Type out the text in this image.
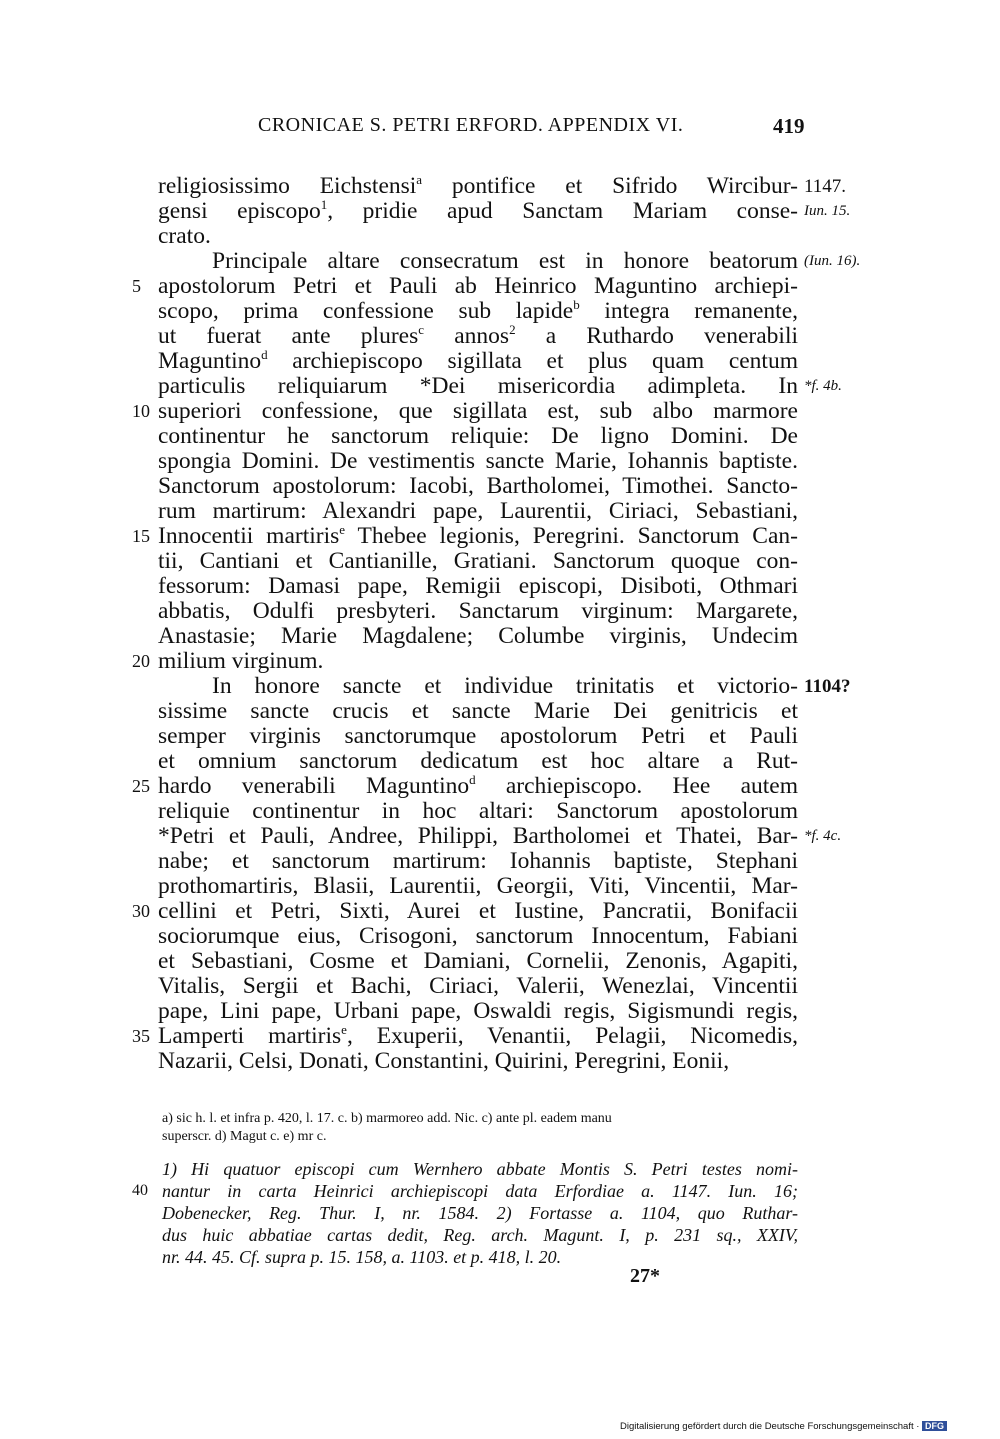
CRONICAE S. PETRI ERFORD. APPENDIX VI.	419
religiosissimo Eichstensi$^a$ pontifice et Sifrido Wircibur-
gensi episcopo$^1$, pridie apud Sanctam Mariam conse-
crato.
Principale altare consecratum est in honore beatorum
apostolorum Petri et Pauli ab Heinrico Maguntino archiepi-
scopo, prima confessione sub lapide$^b$ integra remanente,
ut fuerat ante plures$^c$ annos$^2$ a Ruthardo venerabili
Maguntino$^d$ archiepiscopo sigillata et plus quam centum
particulis reliquiarum *Dei misericordia adimpleta. In
superiori confessione, que sigillata est, sub albo marmore
continentur he sanctorum reliquie: De ligno Domini. De
spongia Domini. De vestimentis sancte Marie, Iohannis baptiste.
Sanctorum apostolorum: Iacobi, Bartholomei, Timothei. Sancto-
rum martirum: Alexandri pape, Laurentii, Ciriaci, Sebastiani,
Innocentii martiris$^e$ Thebee legionis, Peregrini. Sanctorum Can-
tii, Cantiani et Cantianille, Gratiani. Sanctorum quoque con-
fessorum: Damasi pape, Remigii episcopi, Disiboti, Othmari
abbatis, Odulfi presbyteri. Sanctarum virginum: Margarete,
Anastasie; Marie Magdalene; Columbe virginis, Undecim
milium virginum.
In honore sancte et individue trinitatis et victorio-
sissime sancte crucis et sancte Marie Dei genitricis et
semper virginis sanctorumque apostolorum Petri et Pauli
et omnium sanctorum dedicatum est hoc altare a Rut-
hardo venerabili Maguntino$^d$ archiepiscopo. Hee autem
reliquie continentur in hoc altari: Sanctorum apostolorum
*Petri et Pauli, Andree, Philippi, Bartholomei et Thatei, Bar-
nabe; et sanctorum martirum: Iohannis baptiste, Stephani
prothomartiris, Blasii, Laurentii, Georgii, Viti, Vincentii, Mar-
cellini et Petri, Sixti, Aurei et Iustine, Pancratii, Bonifacii
sociorumque eius, Crisogoni, sanctorum Innocentum, Fabiani
et Sebastiani, Cosme et Damiani, Cornelii, Zenonis, Agapiti,
Vitalis, Sergii et Bachi, Ciriaci, Valerii, Wenezlai, Vincentii
pape, Lini pape, Urbani pape, Oswaldi regis, Sigismundi regis,
Lamperti martiris$^e$, Exuperii, Venantii, Pelagii, Nicomedis,
Nazarii, Celsi, Donati, Constantini, Quirini, Peregrini, Eonii,
5
10
15
20
25
30
35
1147.
Iun. 15.
(Iun. 16).
*f. 4b.
1104?
*f. 4c.
a) sic h. l. et infra p. 420, l. 17. c. b) marmoreo add. Nic. c) ante pl. eadem manu
superscr. d) Magut c. e) mr c.
1) Hi quatuor episcopi cum Wernhero abbate Montis S. Petri testes nomi-
40 nantur in carta Heinrici archiepiscopi data Erfordiae a. 1147. Iun. 16;
Dobenecker, Reg. Thur. I, nr. 1584. 2) Fortasse a. 1104, quo Ruthar-
dus huic abbatiae cartas dedit, Reg. arch. Magunt. I, p. 231 sq., XXIV,
nr. 44. 45. Cf. supra p. 15. 158, a. 1103. et p. 418, l. 20.
27*
Digitalisierung gefördert durch die Deutsche Forschungsgemeinschaft · DFG
